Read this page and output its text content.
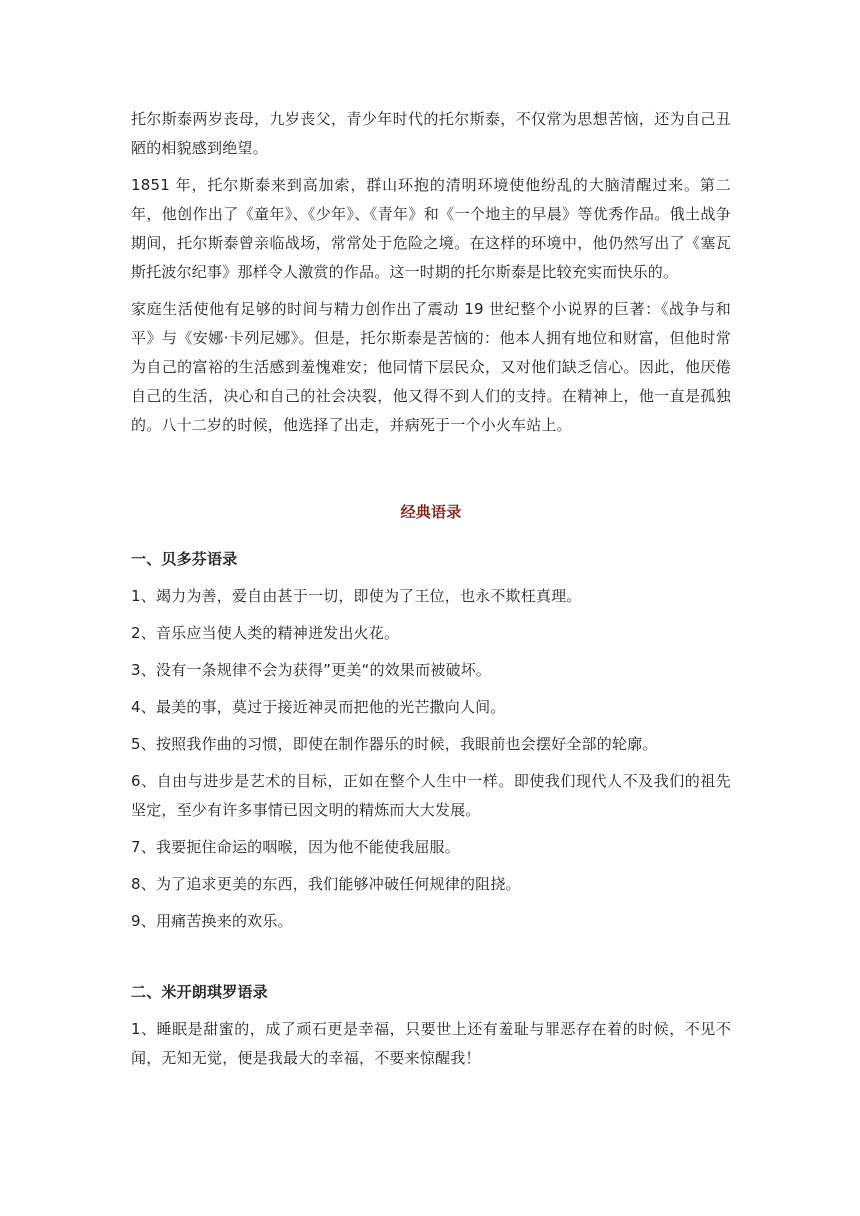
托尔斯泰两岁丧母，九岁丧父，青少年时代的托尔斯泰，不仅常为思想苦恼，还为自己丑陋的相貌感到绝望。

1851 年，托尔斯泰来到高加索，群山环抱的清明环境使他纷乱的大脑清醒过来。第二年，他创作出了《童年》、《少年》、《青年》和《一个地主的早晨》等优秀作品。俄土战争期间，托尔斯泰曾亲临战场，常常处于危险之境。在这样的环境中，他仍然写出了《塞瓦斯托波尔纪事》那样令人激赏的作品。这一时期的托尔斯泰是比较充实而快乐的。

家庭生活使他有足够的时间与精力创作出了震动 19 世纪整个小说界的巨著：《战争与和平》与《安娜·卡列尼娜》。但是，托尔斯泰是苦恼的：他本人拥有地位和财富，但他时常为自己的富裕的生活感到羞愧难安；他同情下层民众，又对他们缺乏信心。因此，他厌倦自己的生活，决心和自己的社会决裂，他又得不到人们的支持。在精神上，他一直是孤独的。八十二岁的时候，他选择了出走，并病死于一个小火车站上。

经典语录

一、贝多芬语录

1、竭力为善，爱自由甚于一切，即使为了王位，也永不欺枉真理。

2、音乐应当使人类的精神迸发出火花。

3、没有一条规律不会为获得”更美“的效果而被破坏。

4、最美的事，莫过于接近神灵而把他的光芒撒向人间。

5、按照我作曲的习惯，即使在制作器乐的时候，我眼前也会摆好全部的轮廓。

6、自由与进步是艺术的目标，正如在整个人生中一样。即使我们现代人不及我们的祖先坚定，至少有许多事情已因文明的精炼而大大发展。

7、我要扼住命运的咽喉，因为他不能使我屈服。

8、为了追求更美的东西，我们能够冲破任何规律的阻挠。

9、用痛苦换来的欢乐。

二、米开朗琪罗语录

1、睡眠是甜蜜的，成了顽石更是幸福，只要世上还有羞耻与罪恶存在着的时候，不见不闻，无知无觉，便是我最大的幸福，不要来惊醒我！
